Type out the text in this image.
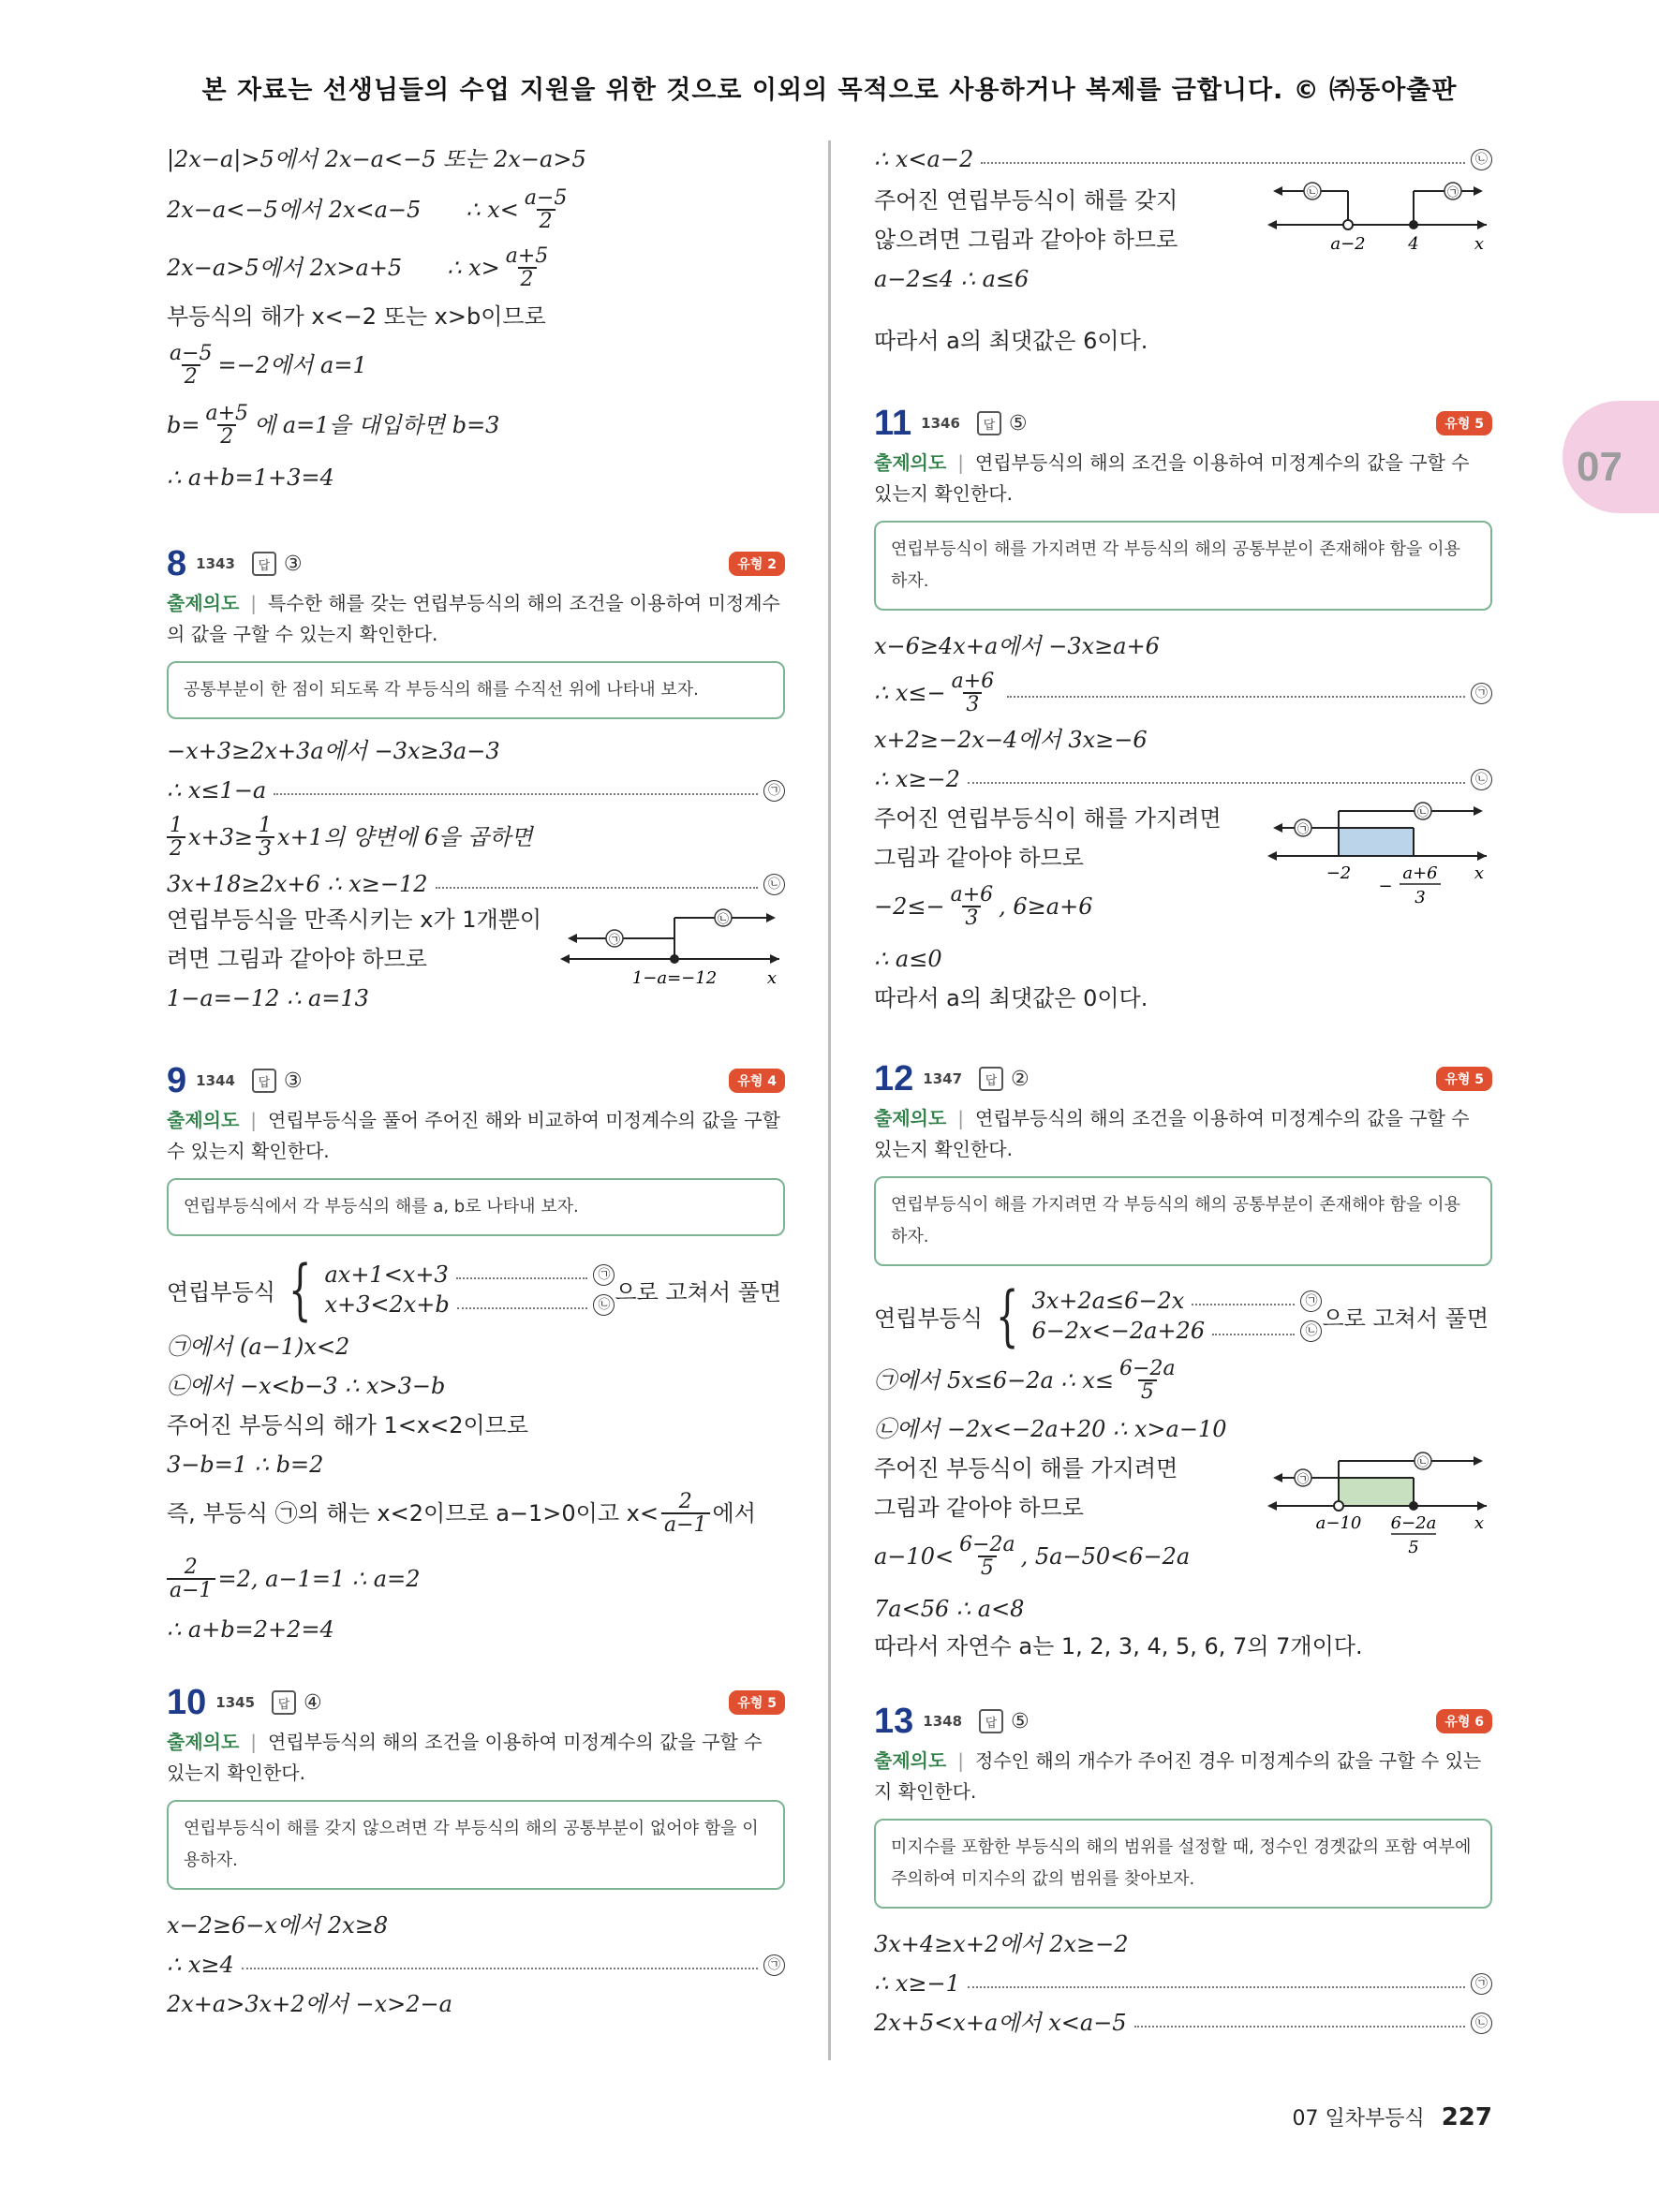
본 자료는 선생님들의 수업 지원을 위한 것으로 이외의 목적으로 사용하거나 복제를 금합니다. © ㈜동아출판
07

|2x−a|>5에서 2x−a<−5 또는 2x−a>5

2x−a<−5에서 2x<a−5 ∴ $x< \frac{a-5}{2}$
2x−a>5에서 2x>a+5 ∴ $x> \frac{a+5}{2}$

부등식의 해가 x<−2 또는 x>b이므로

$\frac{a-5}{2} =-2$에서 a=1
$b= \frac{a+5}{2}$ 에 a=1을 대입하면 b=3

∴ a+b=1+3=4

8 1343	답 ③	유형 2
출제의도 | 특수한 해를 갖는 연립부등식의 해의 조건을 이용하여 미정계수의 값을 구할 수 있는지 확인한다.
공통부분이 한 점이 되도록 각 부등식의 해를 수직선 위에 나타내 보자.

−x+3≥2x+3a에서 −3x≥3a−3

∴ x≤1−a	㉠
$\frac{1}{2} x+3\ge \frac{1}{3} x+1$의 양변에 6을 곱하면
3x+18≥2x+6 ∴ x≥−12	㉡

연립부등식을 만족시키는 x가 1개뿐이

려면 그림과 같아야 하므로

1−a=−12 ∴ a=13

㉠
㉡
1−a=−12	x
9 1344	답 ③	유형 4
출제의도 | 연립부등식을 풀어 주어진 해와 비교하여 미정계수의 값을 구할 수 있는지 확인한다.
연립부등식에서 각 부등식의 해를 a, b로 나타내 보자.
연립부등식 { ax+1<x+3	㉠
x+3<2x+b	㉡ 으로 고쳐서 풀면

㉠에서 (a−1)x<2

㉡에서 −x<b−3 ∴ x>3−b

주어진 부등식의 해가 1<x<2이므로

3−b=1 ∴ b=2

즉, 부등식 ㉠의 해는 x<2이므로 a−1>0이고 $x< \frac{2}{a-1}$ 에서
$\frac{2}{a-1} =2$, a−1=1 ∴ a=2

∴ a+b=2+2=4

10 1345	답 ④	유형 5
출제의도 | 연립부등식의 해의 조건을 이용하여 미정계수의 값을 구할 수 있는지 확인한다.
연립부등식이 해를 갖지 않으려면 각 부등식의 해의 공통부분이 없어야 함을 이용하자.

x−2≥6−x에서 2x≥8

∴ x≥4	㉠

2x+a>3x+2에서 −x>2−a

∴ x<a−2	㉡

주어진 연립부등식이 해를 갖지

않으려면 그림과 같아야 하므로

a−2≤4 ∴ a≤6

㉡	㉠
a−2	4	x

따라서 a의 최댓값은 6이다.

11 1346	답 ⑤	유형 5
출제의도 | 연립부등식의 해의 조건을 이용하여 미정계수의 값을 구할 수 있는지 확인한다.
연립부등식이 해를 가지려면 각 부등식의 해의 공통부분이 존재해야 함을 이용하자.

x−6≥4x+a에서 −3x≥a+6

∴ $x\le- \frac{a+6}{3}$	㉠

x+2≥−2x−4에서 3x≥−6

∴ x≥−2	㉡

주어진 연립부등식이 해를 가지려면

그림과 같아야 하므로

$-2\le- \frac{a+6}{3}$ , 6≥a+6
㉠
㉡
−2
−
a+6
3
x

∴ a≤0

따라서 a의 최댓값은 0이다.

12 1347	답 ②	유형 5
출제의도 | 연립부등식의 해의 조건을 이용하여 미정계수의 값을 구할 수 있는지 확인한다.
연립부등식이 해를 가지려면 각 부등식의 해의 공통부분이 존재해야 함을 이용하자.
연립부등식 { 3x+2a≤6−2x	㉠
6−2x<−2a+26	㉡ 으로 고쳐서 풀면
㉠에서 5x≤6−2a ∴ $x\le \frac{6-2a}{5}$

㉡에서 −2x<−2a+20 ∴ x>a−10

주어진 부등식이 해를 가지려면

그림과 같아야 하므로

$a-10< \frac{6-2a}{5}$ , 5a−50<6−2a
㉠
㉡
a−10 6−2a
5
x

7a<56 ∴ a<8

따라서 자연수 a는 1, 2, 3, 4, 5, 6, 7의 7개이다.

13 1348	답 ⑤	유형 6
출제의도 | 정수인 해의 개수가 주어진 경우 미정계수의 값을 구할 수 있는지 확인한다.
미지수를 포함한 부등식의 해의 범위를 설정할 때, 정수인 경곗값의 포함 여부에 주의하여 미지수의 값의 범위를 찾아보자.

3x+4≥x+2에서 2x≥−2

∴ x≥−1	㉠
2x+5<x+a에서 x<a−5	㉡
07 일차부등식 227
